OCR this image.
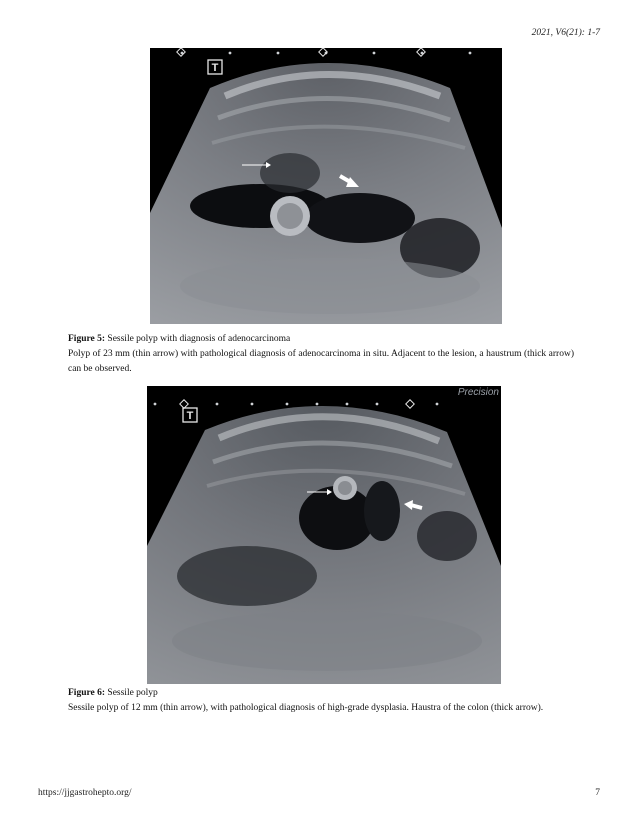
2021, V6(21): 1-7
T
Figure 5: Sessile polyp with diagnosis of adenocarcinoma
Polyp of 23 mm (thin arrow) with pathological diagnosis of adenocarcinoma in situ. Adjacent to the lesion, a haustrum (thick arrow) can be observed.
T
Precision
Figure 6: Sessile polyp
Sessile polyp of 12 mm (thin arrow), with pathological diagnosis of high-grade dysplasia. Haustra of the colon (thick arrow).
https://jjgastrohepto.org/	7
